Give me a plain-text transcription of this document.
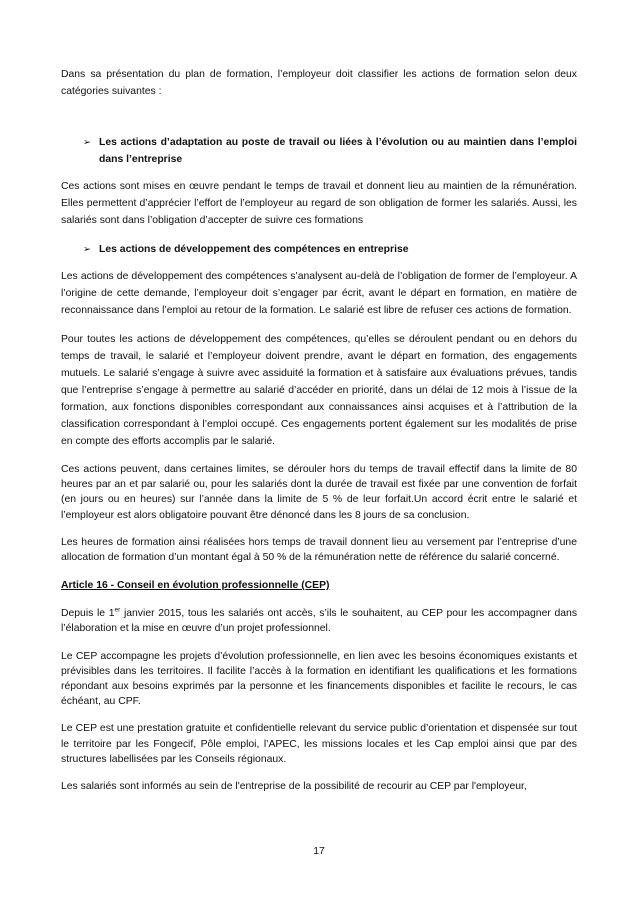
Dans sa présentation du plan de formation, l’employeur doit classifier les actions de formation selon deux catégories suivantes :

➢ Les actions d’adaptation au poste de travail ou liées à l’évolution ou au maintien dans l’emploi dans l’entreprise

Ces actions sont mises en œuvre pendant le temps de travail et donnent lieu au maintien de la rémunération. Elles permettent d’apprécier l’effort de l’employeur au regard de son obligation de former les salariés. Aussi, les salariés sont dans l’obligation d’accepter de suivre ces formations

➢ Les actions de développement des compétences en entreprise

Les actions de développement des compétences s’analysent au-delà de l’obligation de former de l’employeur. A l’origine de cette demande, l’employeur doit s’engager par écrit, avant le départ en formation, en matière de reconnaissance dans l’emploi au retour de la formation. Le salarié est libre de refuser ces actions de formation.

Pour toutes les actions de développement des compétences, qu’elles se déroulent pendant ou en dehors du temps de travail, le salarié et l’employeur doivent prendre, avant le départ en formation, des engagements mutuels. Le salarié s’engage à suivre avec assiduité la formation et à satisfaire aux évaluations prévues, tandis que l’entreprise s’engage à permettre au salarié d’accéder en priorité, dans un délai de 12 mois à l’issue de la formation, aux fonctions disponibles correspondant aux connaissances ainsi acquises et à l’attribution de la classification correspondant à l’emploi occupé. Ces engagements portent également sur les modalités de prise en compte des efforts accomplis par le salarié.

Ces actions peuvent, dans certaines limites, se dérouler hors du temps de travail effectif dans la limite de 80 heures par an et par salarié ou, pour les salariés dont la durée de travail est fixée par une convention de forfait (en jours ou en heures) sur l’année dans la limite de 5 % de leur forfait.Un accord écrit entre le salarié et l’employeur est alors obligatoire pouvant être dénoncé dans les 8 jours de sa conclusion.

Les heures de formation ainsi réalisées hors temps de travail donnent lieu au versement par l’entreprise d’une allocation de formation d’un montant égal à 50 % de la rémunération nette de référence du salarié concerné.

Article 16 - Conseil en évolution professionnelle (CEP)

Depuis le 1er janvier 2015, tous les salariés ont accès, s’ils le souhaitent, au CEP pour les accompagner dans l’élaboration et la mise en œuvre d’un projet professionnel.

Le CEP accompagne les projets d’évolution professionnelle, en lien avec les besoins économiques existants et prévisibles dans les territoires. Il facilite l’accès à la formation en identifiant les qualifications et les formations répondant aux besoins exprimés par la personne et les financements disponibles et facilite le recours, le cas échéant, au CPF.

Le CEP est une prestation gratuite et confidentielle relevant du service public d’orientation et dispensée sur tout le territoire par les Fongecif, Pôle emploi, l’APEC, les missions locales et les Cap emploi ainsi que par des structures labellisées par les Conseils régionaux.

Les salariés sont informés au sein de l'entreprise de la possibilité de recourir au CEP par l'employeur,

17
